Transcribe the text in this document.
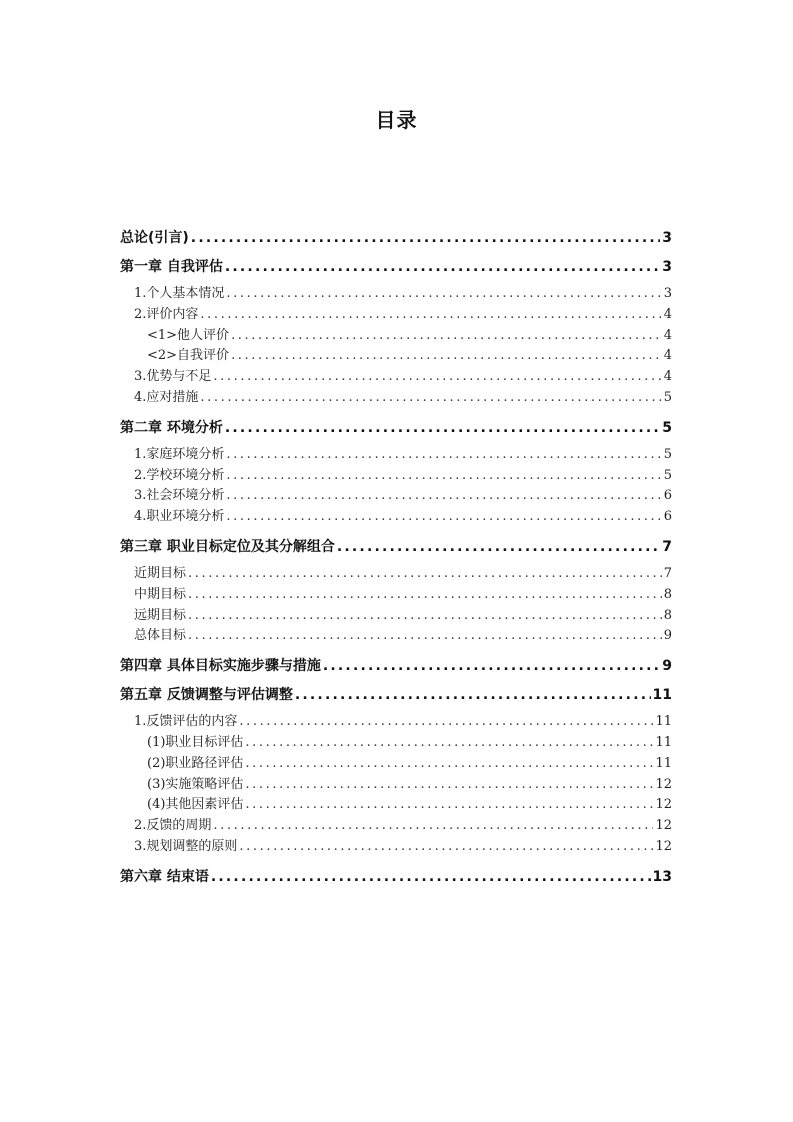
目录
总论(引言) .....	3
第一章 自我评估 .....	3
1.个人基本情况 .....	3
2.评价内容 .....	4
<1>他人评价 .....	4
<2>自我评价 .....	4
3.优势与不足 .....	4
4.应对措施 .....	5
第二章 环境分析 .....	5
1.家庭环境分析 .....	5
2.学校环境分析 .....	5
3.社会环境分析 .....	6
4.职业环境分析 .....	6
第三章 职业目标定位及其分解组合 .....	7
近期目标 .....	7
中期目标 .....	8
远期目标 .....	8
总体目标 .....	9
第四章 具体目标实施步骤与措施 .....	9
第五章 反馈调整与评估调整 .....	11
1.反馈评估的内容 .....	11
(1)职业目标评估 .....	11
(2)职业路径评估 .....	11
(3)实施策略评估 .....	12
(4)其他因素评估 .....	12
2.反馈的周期 .....	12
3.规划调整的原则 .....	12
第六章 结束语 .....	13
